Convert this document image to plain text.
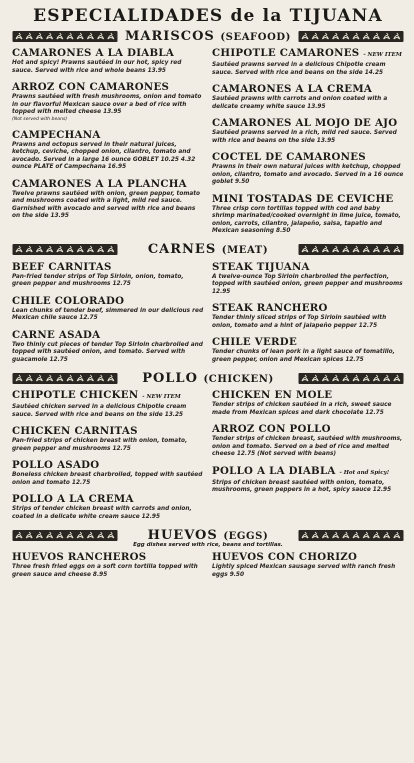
ESPECIALIDADES de la TIJUANA
MARISCOS (SEAFOOD)
CAMARONES A LA DIABLA
Hot and spicy! Prawns sautéed in our hot, spicy red sauce. Served with rice and whole beans 13.95
ARROZ CON CAMARONES
Prawns sautéed with fresh mushrooms, onion and tomato in our flavorful Mexican sauce over a bed of rice with topped with melted cheese 13.95
(Not served with beans)
CAMPECHANA
Prawns and octopus served in their natural juices, ketchup, ceviche, chopped onion, cilantro, tomato and avocado. Served in a large 16 ounce GOBLET 10.25 4.32 ounce PLATE of Campechana 16.95
CAMARONES A LA PLANCHA
Twelve prawns sautéed with onion, green pepper, tomato and mushrooms coated with a light, mild red sauce. Garnished with avocado and served with rice and beans on the side 13.95
CHIPOTLE CAMARONES - NEW ITEM
Sautéed prawns served in a delicious Chipotle cream sauce. Served with rice and beans on the side 14.25
CAMARONES A LA CREMA
Sautéed prawns with carrots and onion coated with a delicate creamy white sauce 13.95
CAMARONES AL MOJO DE AJO
Sautéed prawns served in a rich, mild red sauce. Served with rice and beans on the side 13.95
COCTEL DE CAMARONES
Prawns in their own natural juices with ketchup, chopped onion, cilantro, tomato and avocado. Served in a 16 ounce goblet 9.50
MINI TOSTADAS DE CEVICHE
Three crisp corn tortillas topped with cod and baby shrimp marinated/cooked overnight in lime juice, tomato, onion, carrots, cilantro, jalapeño, salsa, tapatio and Mexican seasoning 8.50
CARNES (MEAT)
BEEF CARNITAS
Pan-fried tender strips of Top Sirloin, onion, tomato, green pepper and mushrooms 12.75
CHILE COLORADO
Lean chunks of tender beef, simmered in our delicious red Mexican chile sauce 12.75
CARNE ASADA
Two thinly cut pieces of tender Top Sirloin charbroiled and topped with sautéed onion, and tomato. Served with guacamole 12.75
STEAK TIJUANA
A twelve-ounce Top Sirloin charbroiled the perfection, topped with sautéed onion, green pepper and mushrooms 12.95
STEAK RANCHERO
Tender thinly sliced strips of Top Sirloin sautéed with onion, tomato and a hint of jalapeño pepper 12.75
CHILE VERDE
Tender chunks of lean pork in a light sauce of tomatillo, green pepper, onion and Mexican spices 12.75
POLLO (CHICKEN)
CHIPOTLE CHICKEN - NEW ITEM
Sautéed chicken served in a delicious Chipotle cream sauce. Served with rice and beans on the side 13.25
CHICKEN CARNITAS
Pan-fried strips of chicken breast with onion, tomato, green pepper and mushrooms 12.75
POLLO ASADO
Boneless chicken breast charbroiled, topped with sautéed onion and tomato 12.75
POLLO A LA CREMA
Strips of tender chicken breast with carrots and onion, coated in a delicate white cream sauce 12.95
CHICKEN EN MOLE
Tender strips of chicken sautéed in a rich, sweet sauce made from Mexican spices and dark chocolate 12.75
ARROZ CON POLLO
Tender strips of chicken breast, sautéed with mushrooms, onion and tomato. Served on a bed of rice and melted cheese 12.75 (Not served with beans)
POLLO A LA DIABLA - Hot and Spicy!
Strips of chicken breast sautéed with onion, tomato, mushrooms, green peppers in a hot, spicy sauce 12.95
HUEVOS (EGGS)
Egg dishes served with rice, beans and tortillas.
HUEVOS RANCHEROS
Three fresh fried eggs on a soft corn tortilla topped with green sauce and cheese 8.95
HUEVOS CON CHORIZO
Lightly spiced Mexican sausage served with ranch fresh eggs 9.50
